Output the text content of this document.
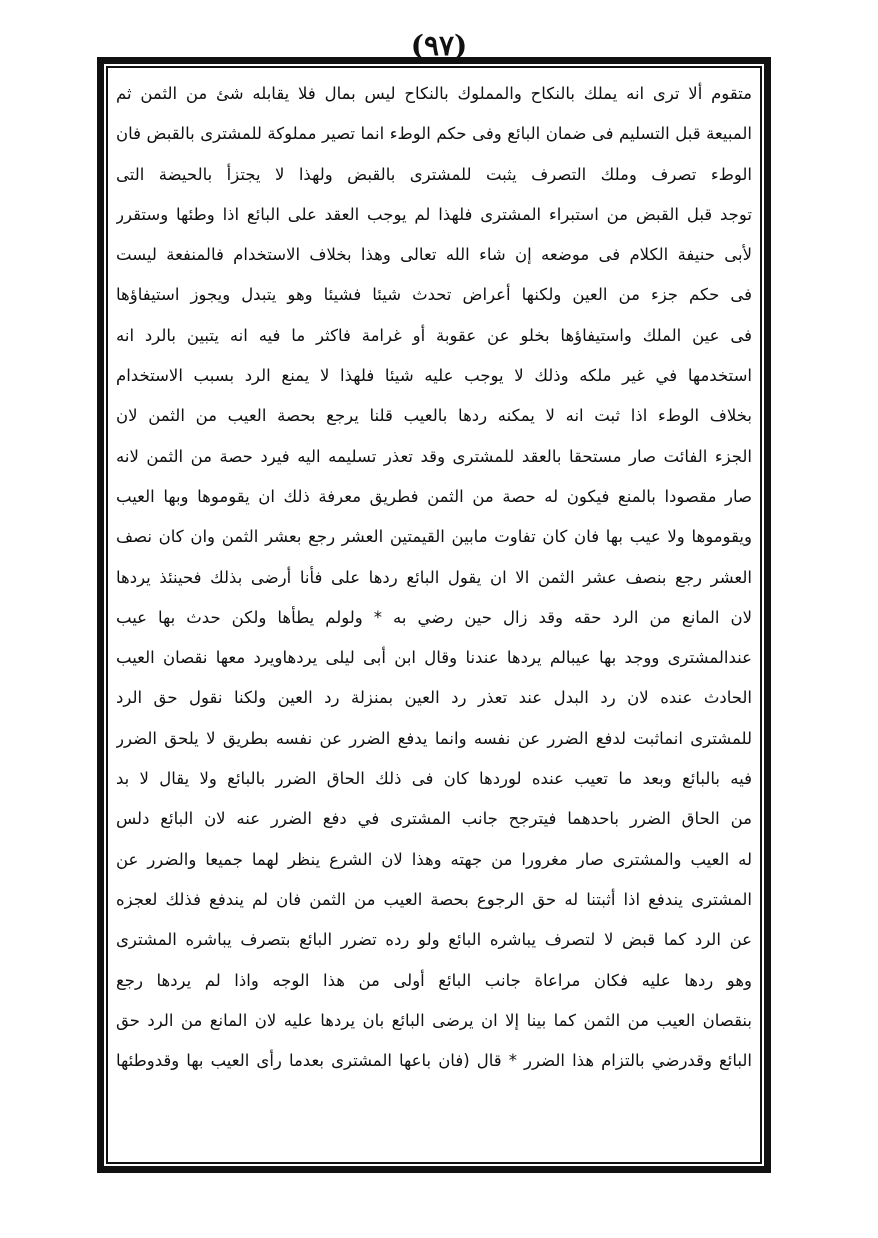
(٩٧)
متقوم ألا ترى انه يملك بالنكاح والمملوك بالنكاح ليس بمال فلا يقابله شئ من الثمن ثم
المبيعة قبل التسليم فى ضمان البائع وفى حكم الوطء انما تصير مملوكة للمشترى بالقبض فان
الوطء تصرف وملك التصرف يثبت للمشترى بالقبض ولهذا لا يجتزأ بالحيضة التى
توجد قبل القبض من استبراء المشترى فلهذا لم يوجب العقد على البائع اذا وطئها وستقرر
لأبى حنيفة الكلام فى موضعه إن شاء الله تعالى وهذا بخلاف الاستخدام فالمنفعة ليست
فى حكم جزء من العين ولكنها أعراض تحدث شيئا فشيئا وهو يتبدل ويجوز استيفاؤها
فى عين الملك واستيفاؤها بخلو عن عقوبة أو غرامة فاكثر ما فيه انه يتبين بالرد انه
استخدمها في غير ملكه وذلك لا يوجب عليه شيئا فلهذا لا يمنع الرد بسبب الاستخدام
بخلاف الوطء اذا ثبت انه لا يمكنه ردها بالعيب قلنا يرجع بحصة العيب من الثمن لان
الجزء الفائت صار مستحقا بالعقد للمشترى وقد تعذر تسليمه اليه فيرد حصة من الثمن لانه
صار مقصودا بالمنع فيكون له حصة من الثمن فطريق معرفة ذلك ان يقوموها وبها العيب
ويقوموها ولا عيب بها فان كان تفاوت مابين القيمتين العشر رجع بعشر الثمن وان كان نصف
العشر رجع بنصف عشر الثمن الا ان يقول البائع ردها على فأنا أرضى بذلك فحينئذ يردها
لان المانع من الرد حقه وقد زال حين رضي به * ولولم يطأها ولكن حدث بها عيب
عندالمشترى ووجد بها عيبالم يردها عندنا وقال ابن أبى ليلى يردهاويرد معها نقصان العيب
الحادث عنده لان رد البدل عند تعذر رد العين بمنزلة رد العين ولكنا نقول حق الرد
للمشترى انماثبت لدفع الضرر عن نفسه وانما يدفع الضرر عن نفسه بطريق لا يلحق الضرر
فيه بالبائع وبعد ما تعيب عنده لوردها كان فى ذلك الحاق الضرر بالبائع ولا يقال لا بد
من الحاق الضرر باحدهما فيترجح جانب المشترى في دفع الضرر عنه لان البائع دلس
له العيب والمشترى صار مغرورا من جهته وهذا لان الشرع ينظر لهما جميعا والضرر عن
المشترى يندفع اذا أثبتنا له حق الرجوع بحصة العيب من الثمن فان لم يندفع فذلك لعجزه
عن الرد كما قبض لا لتصرف يباشره البائع ولو رده تضرر البائع بتصرف يباشره المشترى
وهو ردها عليه فكان مراعاة جانب البائع أولى من هذا الوجه واذا لم يردها رجع
بنقصان العيب من الثمن كما بينا إلا ان يرضى البائع بان يردها عليه لان المانع من الرد حق
البائع وقدرضي بالتزام هذا الضرر * قال (فان باعها المشترى بعدما رأى العيب بها وقدوطئها
